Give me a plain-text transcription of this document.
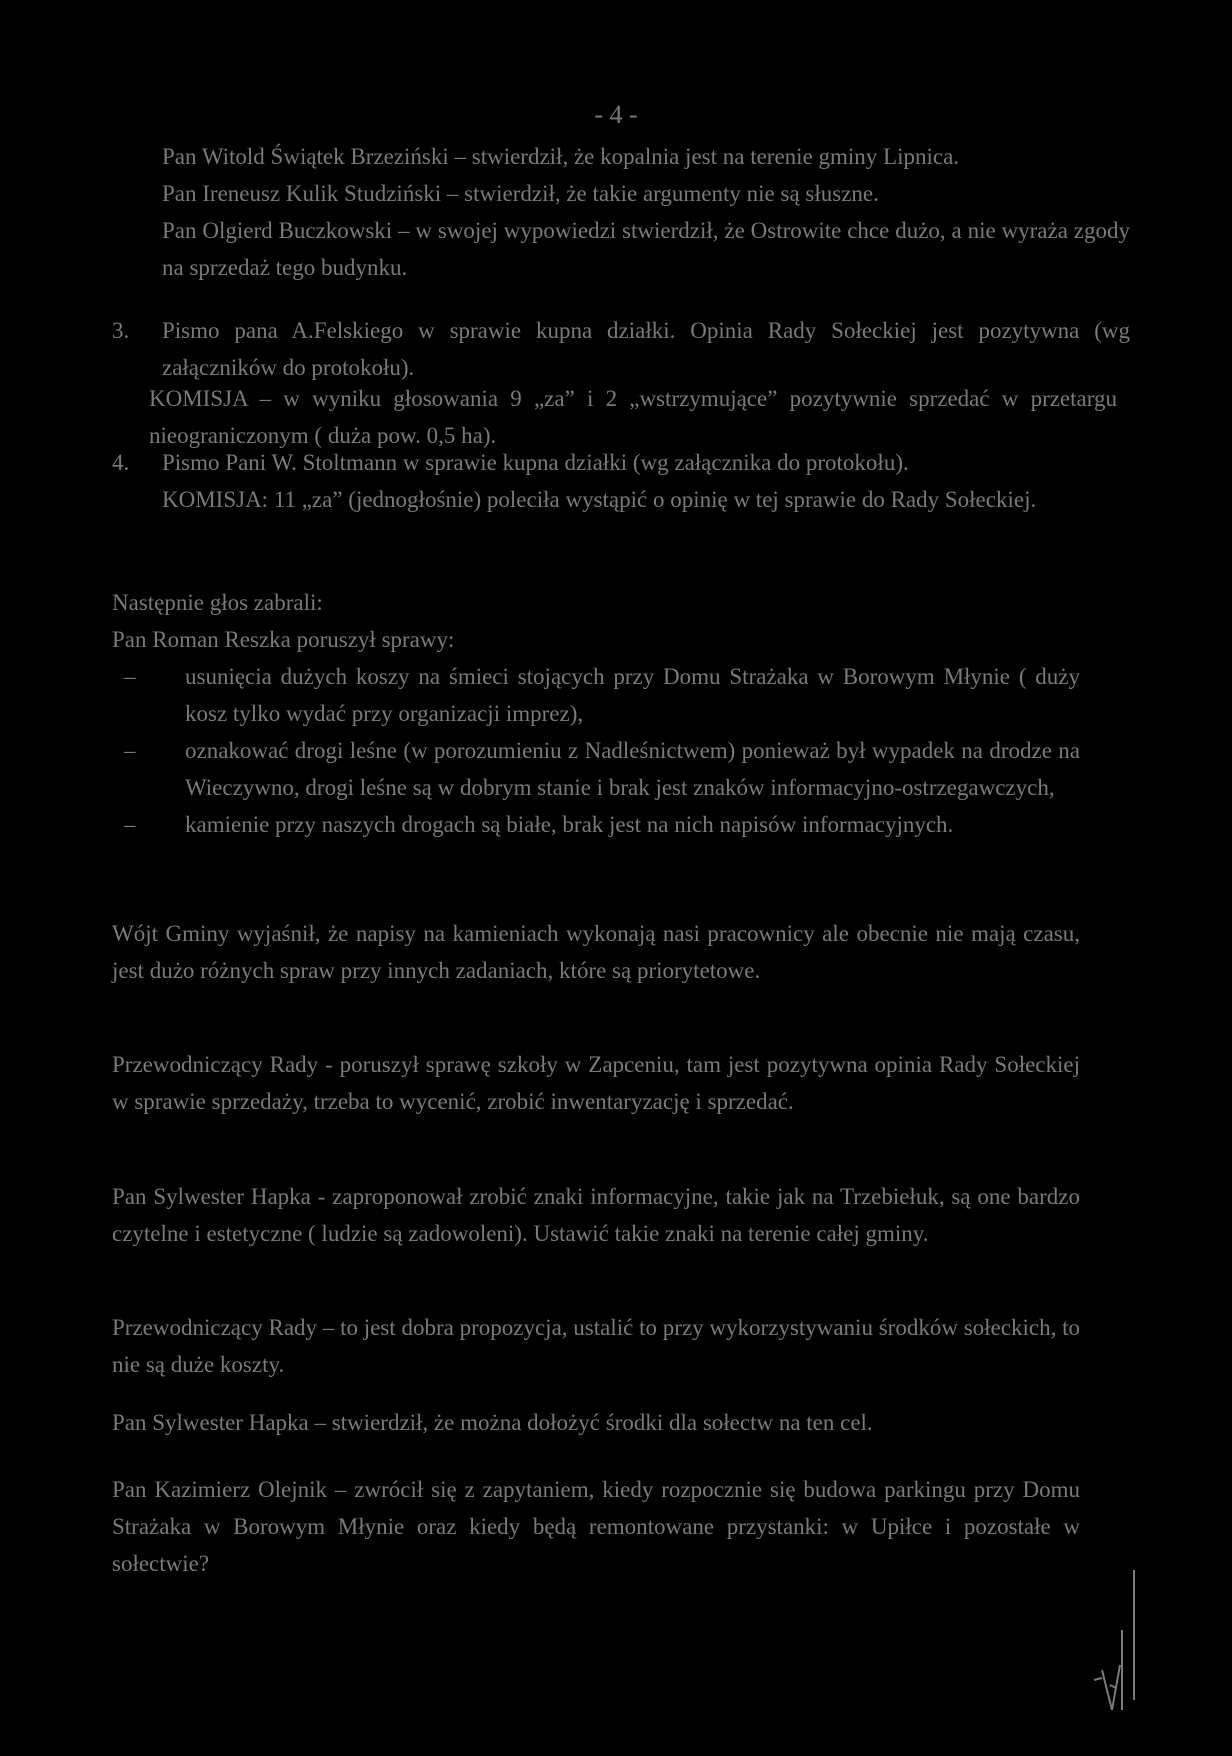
- 4 -

Pan Witold Świątek Brzeziński – stwierdził, że kopalnia jest na terenie gminy Lipnica.

Pan Ireneusz Kulik Studziński – stwierdził, że takie argumenty nie są słuszne.

Pan Olgierd Buczkowski – w swojej wypowiedzi stwierdził, że Ostrowite chce dużo, a nie wyraża zgody na sprzedaż tego budynku.

3. Pismo pana A.Felskiego w sprawie kupna działki. Opinia Rady Sołeckiej jest pozytywna (wg załączników do protokołu).

KOMISJA – w wyniku głosowania 9 „za” i 2 „wstrzymujące” pozytywnie sprzedać w przetargu nieograniczonym ( duża pow. 0,5 ha).

4. Pismo Pani W. Stoltmann w sprawie kupna działki (wg załącznika do protokołu).

KOMISJA: 11 „za” (jednogłośnie) poleciła wystąpić o opinię w tej sprawie do Rady Sołeckiej.

Następnie głos zabrali:

Pan Roman Reszka poruszył sprawy:

– usunięcia dużych koszy na śmieci stojących przy Domu Strażaka w Borowym Młynie ( duży kosz tylko wydać przy organizacji imprez),
– oznakować drogi leśne (w porozumieniu z Nadleśnictwem) ponieważ był wypadek na drodze na Wieczywno, drogi leśne są w dobrym stanie i brak jest znaków informacyjno-ostrzegawczych,
– kamienie przy naszych drogach są białe, brak jest na nich napisów informacyjnych.

Wójt Gminy wyjaśnił, że napisy na kamieniach wykonają nasi pracownicy ale obecnie nie mają czasu, jest dużo różnych spraw przy innych zadaniach, które są priorytetowe.

Przewodniczący Rady - poruszył sprawę szkoły w Zapceniu, tam jest pozytywna opinia Rady Sołeckiej w sprawie sprzedaży, trzeba to wycenić, zrobić inwentaryzację i sprzedać.

Pan Sylwester Hapka - zaproponował zrobić znaki informacyjne, takie jak na Trzebiełuk, są one bardzo czytelne i estetyczne ( ludzie są zadowoleni). Ustawić takie znaki na terenie całej gminy.

Przewodniczący Rady – to jest dobra propozycja, ustalić to przy wykorzystywaniu środków sołeckich, to nie są duże koszty.

Pan Sylwester Hapka – stwierdził, że można dołożyć środki dla sołectw na ten cel.

Pan Kazimierz Olejnik – zwrócił się z zapytaniem, kiedy rozpocznie się budowa parkingu przy Domu Strażaka w Borowym Młynie oraz kiedy będą remontowane przystanki: w Upiłce i pozostałe w sołectwie?
